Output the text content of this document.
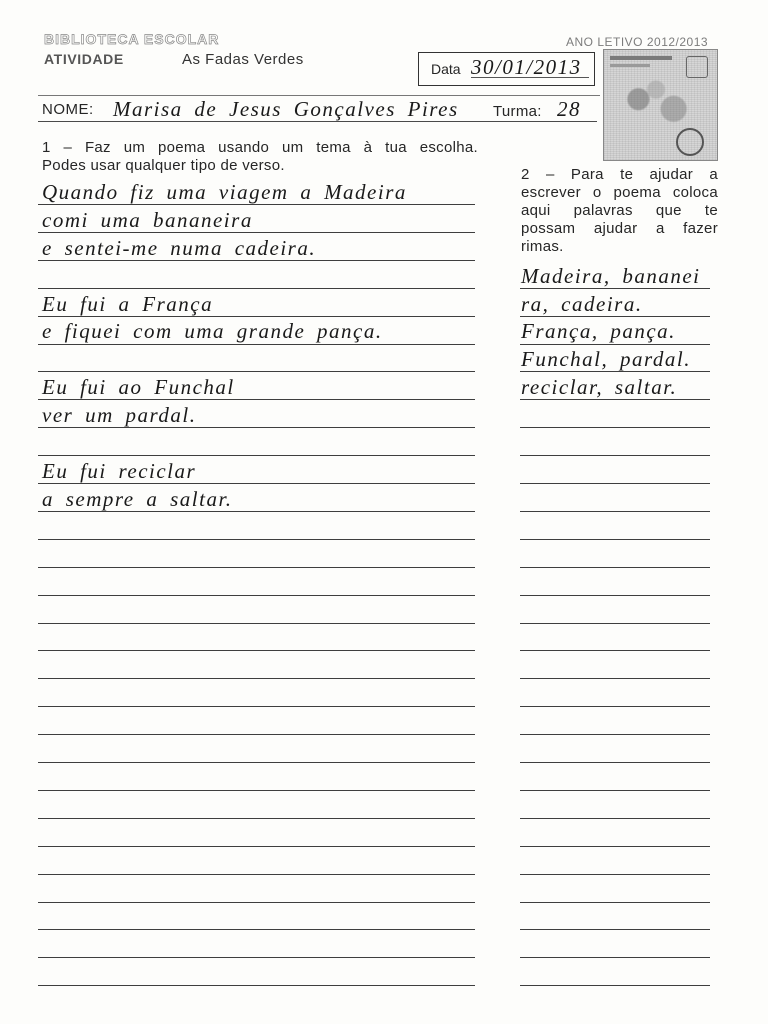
BIBLIOTECA ESCOLAR	ANO LETIVO 2012/2013
ATIVIDADE	As Fadas Verdes
Data 30/01/2013
NOME: Marisa de Jesus Gonçalves Pires Turma: 28
1 – Faz um poema usando um tema à tua escolha.
Podes usar qualquer tipo de verso.
2 – Para te ajudar a
escrever o poema coloca
aqui palavras que te
possam ajudar a fazer
rimas.
Quando fiz uma viagem a Madeira
comi uma bananeira
e sentei-me numa cadeira.
Eu fui a França
e fiquei com uma grande pança.
Eu fui ao Funchal
ver um pardal.
Eu fui reciclar
a sempre a saltar.
Madeira, bananei
ra, cadeira.
França, pança.
Funchal, pardal.
reciclar, saltar.
